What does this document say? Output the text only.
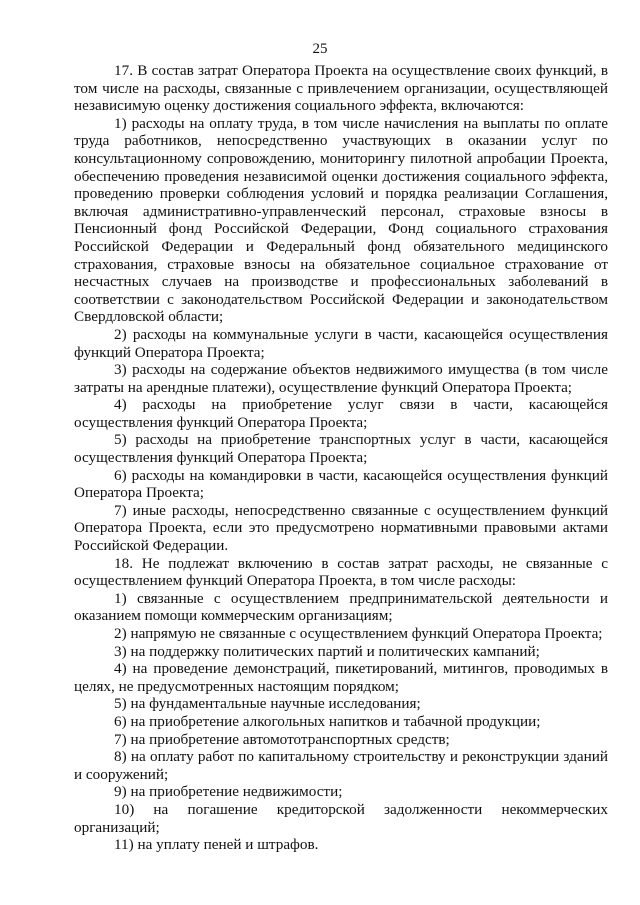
25

17. В состав затрат Оператора Проекта на осуществление своих функций, в том числе на расходы, связанные с привлечением организации, осуществляющей независимую оценку достижения социального эффекта, включаются:

1) расходы на оплату труда, в том числе начисления на выплаты по оплате труда работников, непосредственно участвующих в оказании услуг по консультационному сопровождению, мониторингу пилотной апробации Проекта, обеспечению проведения независимой оценки достижения социального эффекта, проведению проверки соблюдения условий и порядка реализации Соглашения, включая административно-управленческий персонал, страховые взносы в Пенсионный фонд Российской Федерации, Фонд социального страхования Российской Федерации и Федеральный фонд обязательного медицинского страхования, страховые взносы на обязательное социальное страхование от несчастных случаев на производстве и профессиональных заболеваний в соответствии с законодательством Российской Федерации и законодательством Свердловской области;

2) расходы на коммунальные услуги в части, касающейся осуществления функций Оператора Проекта;

3) расходы на содержание объектов недвижимого имущества (в том числе затраты на арендные платежи), осуществление функций Оператора Проекта;

4) расходы на приобретение услуг связи в части, касающейся осуществления функций Оператора Проекта;

5) расходы на приобретение транспортных услуг в части, касающейся осуществления функций Оператора Проекта;

6) расходы на командировки в части, касающейся осуществления функций Оператора Проекта;

7) иные расходы, непосредственно связанные с осуществлением функций Оператора Проекта, если это предусмотрено нормативными правовыми актами Российской Федерации.

18. Не подлежат включению в состав затрат расходы, не связанные с осуществлением функций Оператора Проекта, в том числе расходы:

1) связанные с осуществлением предпринимательской деятельности и оказанием помощи коммерческим организациям;

2) напрямую не связанные с осуществлением функций Оператора Проекта;

3) на поддержку политических партий и политических кампаний;

4) на проведение демонстраций, пикетирований, митингов, проводимых в целях, не предусмотренных настоящим порядком;

5) на фундаментальные научные исследования;

6) на приобретение алкогольных напитков и табачной продукции;

7) на приобретение автомототранспортных средств;

8) на оплату работ по капитальному строительству и реконструкции зданий и сооружений;

9) на приобретение недвижимости;

10) на погашение кредиторской задолженности некоммерческих организаций;

11) на уплату пеней и штрафов.
